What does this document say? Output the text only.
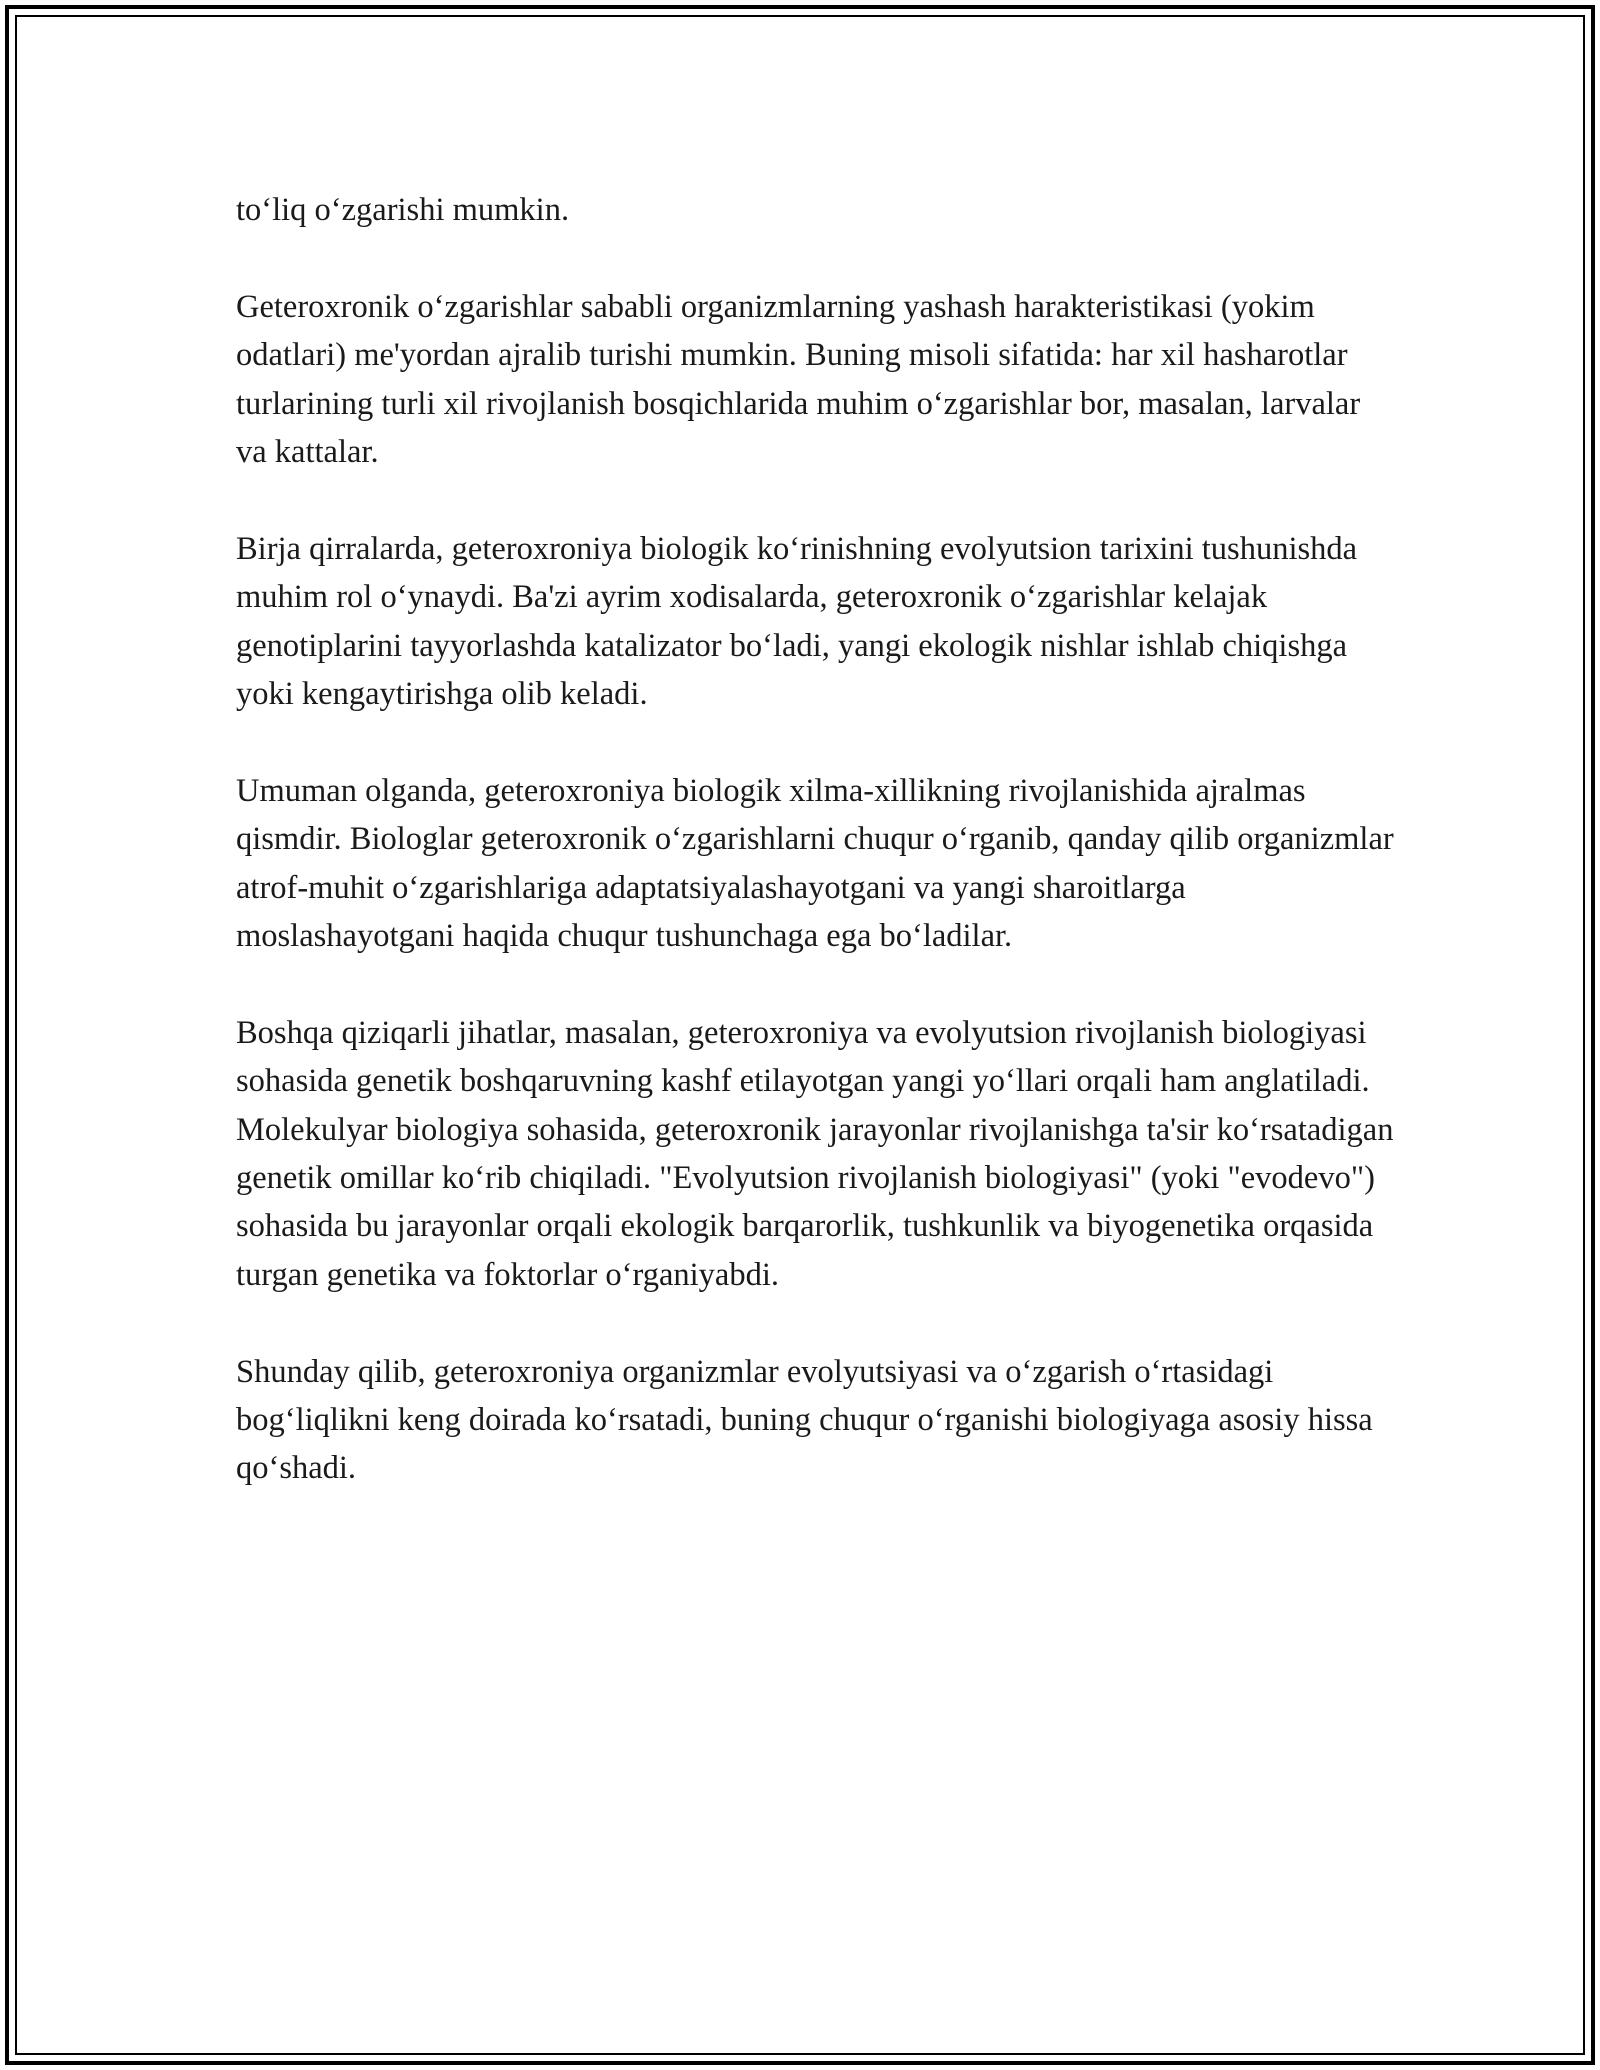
to‘liq o‘zgarishi mumkin.

Geteroxronik o‘zgarishlar sababli organizmlarning yashash harakteristikasi (yokim odatlari) me'yordan ajralib turishi mumkin. Buning misoli sifatida: har xil hasharotlar turlarining turli xil rivojlanish bosqichlarida muhim o‘zgarishlar bor, masalan, larvalar va kattalar.

Birja qirralarda, geteroxroniya biologik ko‘rinishning evolyutsion tarixini tushunishda muhim rol o‘ynaydi. Ba'zi ayrim xodisalarda, geteroxronik o‘zgarishlar kelajak genotiplarini tayyorlashda katalizator bo‘ladi, yangi ekologik nishlar ishlab chiqishga yoki kengaytirishga olib keladi.

Umuman olganda, geteroxroniya biologik xilma-xillikning rivojlanishida ajralmas qismdir. Biologlar geteroxronik o‘zgarishlarni chuqur o‘rganib, qanday qilib organizmlar atrof-muhit o‘zgarishlariga adaptatsiyalashayotgani va yangi sharoitlarga moslashayotgani haqida chuqur tushunchaga ega bo‘ladilar.

Boshqa qiziqarli jihatlar, masalan, geteroxroniya va evolyutsion rivojlanish biologiyasi sohasida genetik boshqaruvning kashf etilayotgan yangi yo‘llari orqali ham anglatiladi. Molekulyar biologiya sohasida, geteroxronik jarayonlar rivojlanishga ta'sir ko‘rsatadigan genetik omillar ko‘rib chiqiladi. "Evolyutsion rivojlanish biologiyasi" (yoki "evodevo") sohasida bu jarayonlar orqali ekologik barqarorlik, tushkunlik va biyogenetika orqasida turgan genetika va foktorlar o‘rganiyabdi.

Shunday qilib, geteroxroniya organizmlar evolyutsiyasi va o‘zgarish o‘rtasidagi bog‘liqlikni keng doirada ko‘rsatadi, buning chuqur o‘rganishi biologiyaga asosiy hissa qo‘shadi.
